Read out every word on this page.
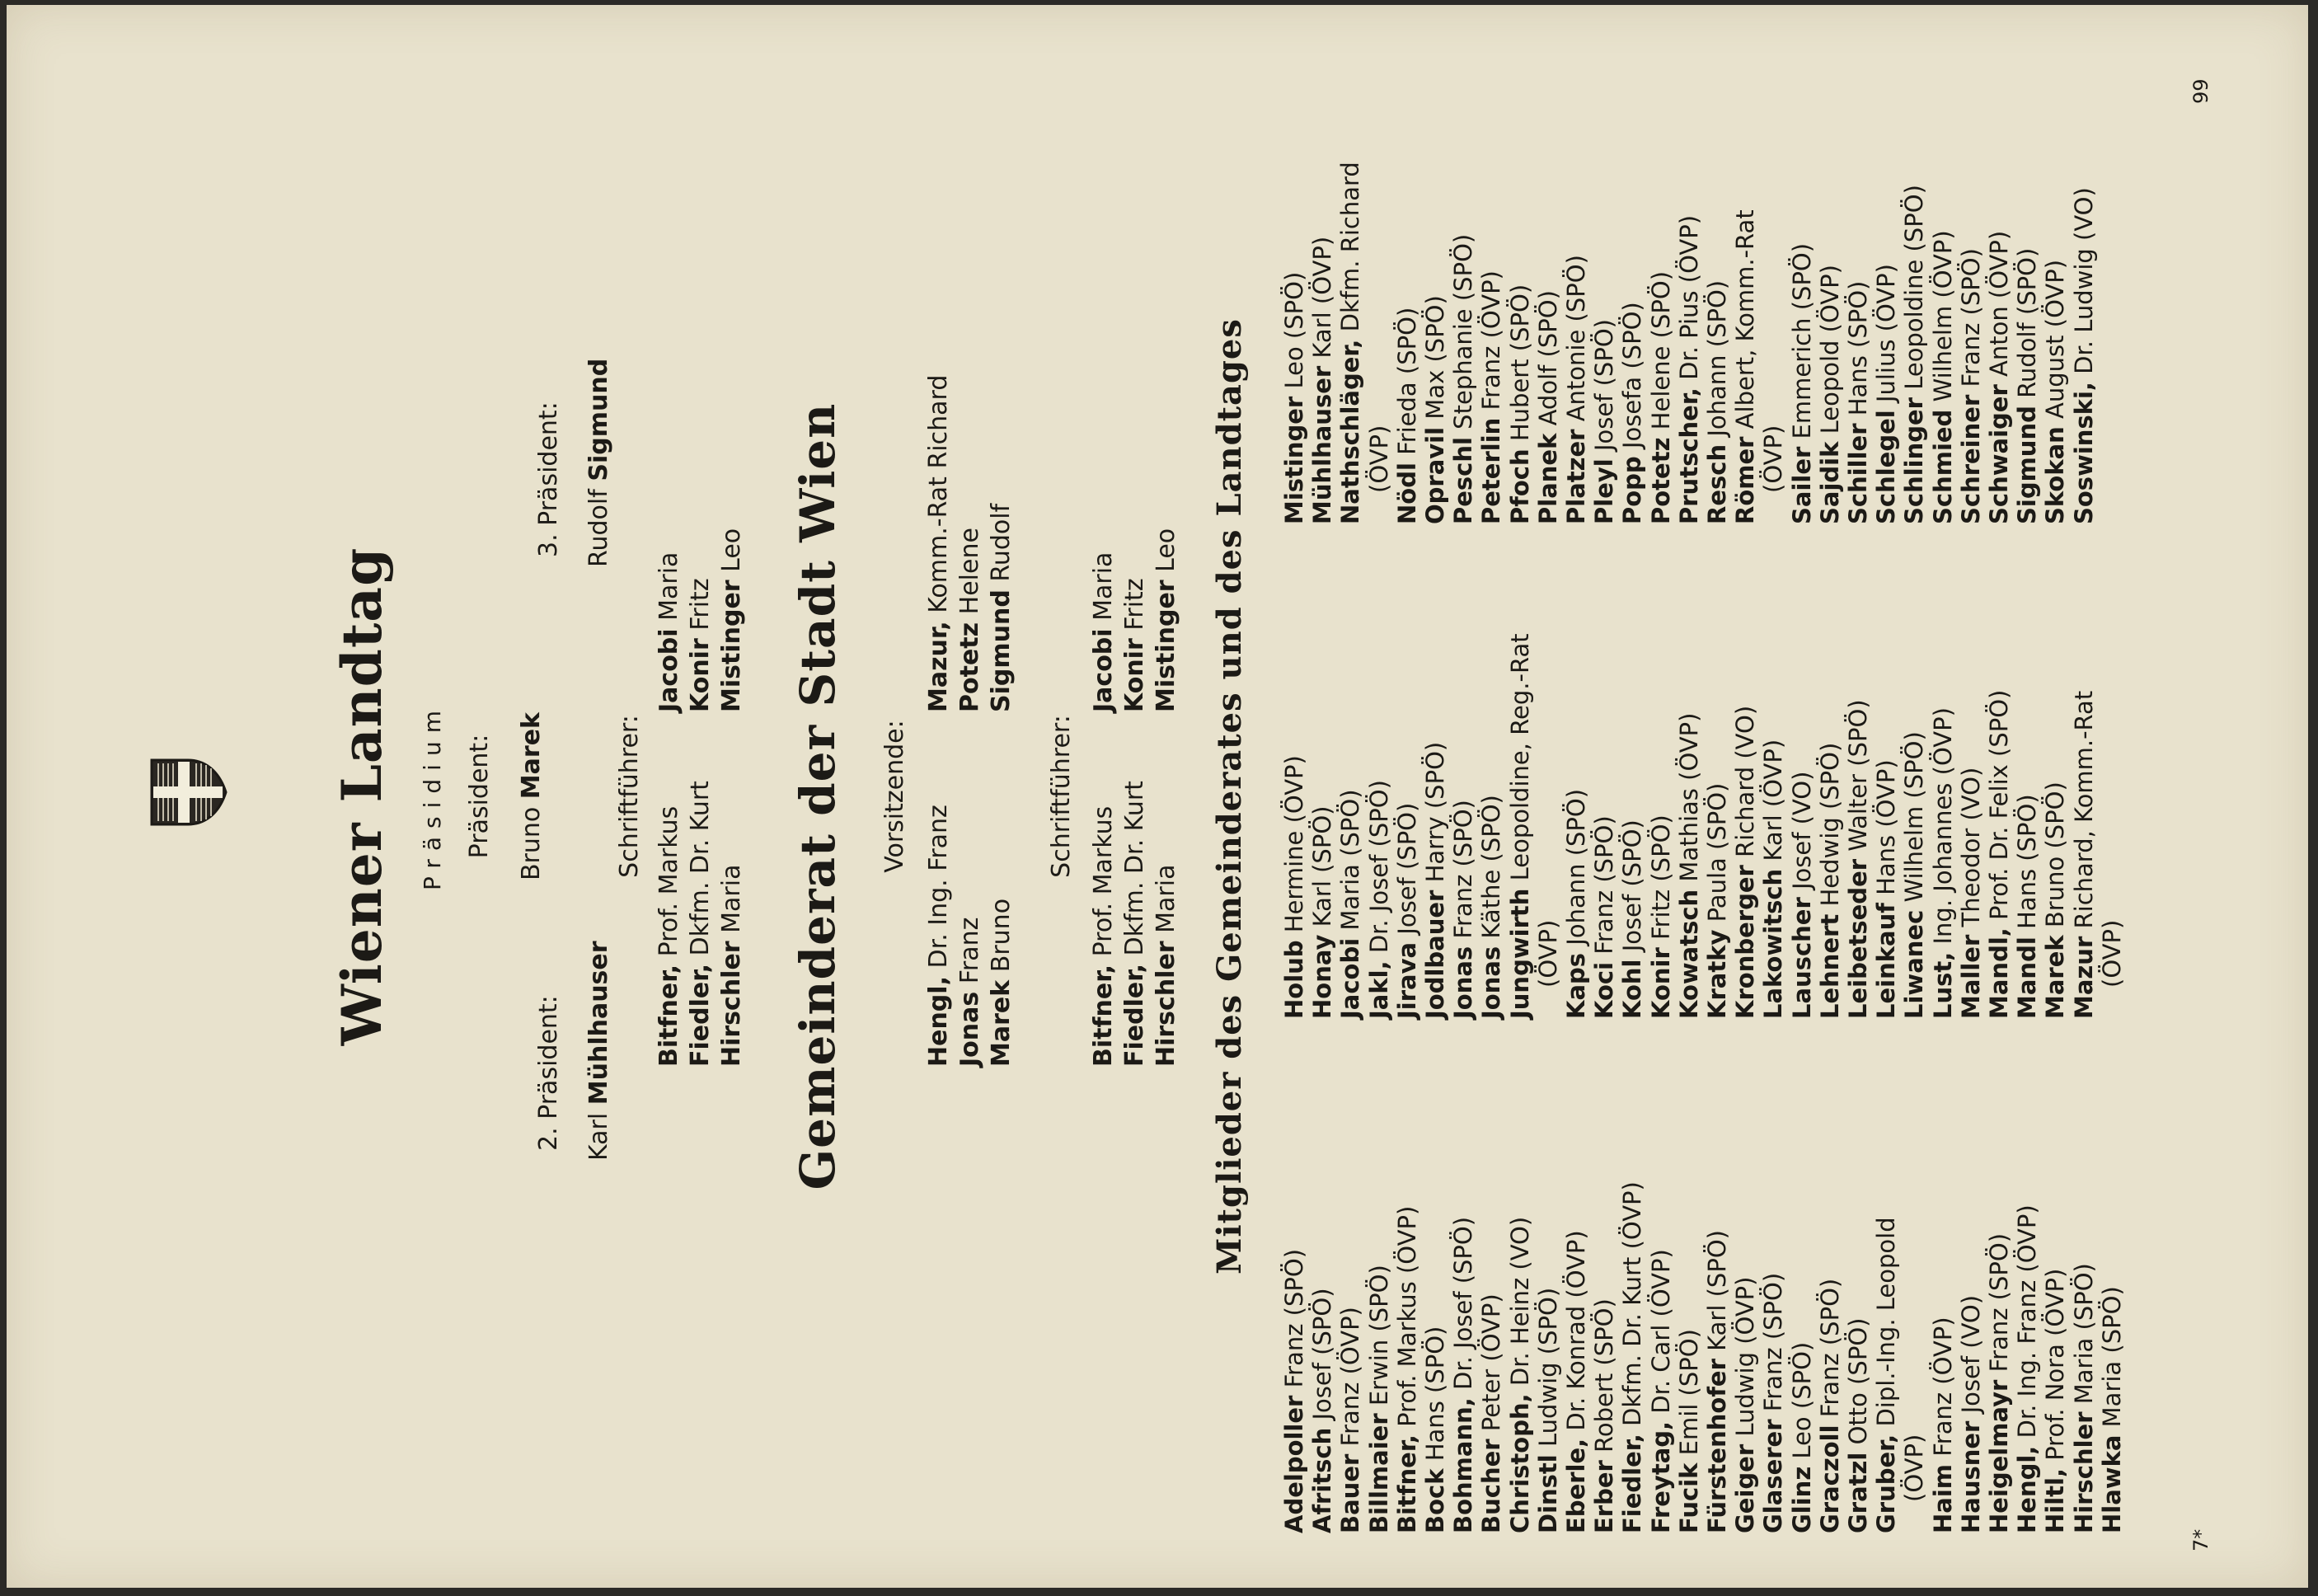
Wiener Landtag Präsidium Präsident: Bruno Marek
2. Präsident: Karl Mühlhauser
3. Präsident: Rudolf Sigmund
Schriftführer:
Bitfner, Prof. Markus
Fiedler, Dkfm. Dr. Kurt
Hirschler Maria
Jacobi Maria
Konir Fritz Mistinger Leo Gemeinderat der Stadt Wien Vorsitzende:
Hengl, Dr. Ing. Franz
Jonas Franz
Marek Bruno
Mazur, Komm.-Rat Richard
Potetz Helene
Sigmund Rudolf
Schriftführer:
Bitfner, Prof. Markus
Fiedler, Dkfm. Dr. Kurt
Hirschler Maria
Jacobi Maria
Konir Fritz Mistinger Leo Mitglieder des Gemeinderates und des Landtages
Adelpoller Franz (SPÖ)
Afritsch Josef (SPÖ)
Bauer Franz (ÖVP)
Billmaier Erwin (SPÖ)
Bitfner, Prof. Markus (ÖVP)
Bock Hans (SPÖ)
Bohmann, Dr. Josef (SPÖ)
Bucher Peter (ÖVP)
Christoph, Dr. Heinz (VO)
Dinstl Ludwig (SPÖ)
Eberle, Dr. Konrad (ÖVP)
Erber Robert (SPÖ)
Fiedler, Dkfm. Dr. Kurt (ÖVP)
Freytag, Dr. Carl (ÖVP)
Fucik Emil (SPÖ) Fürstenhofer Karl (SPÖ)
Geiger Ludwig (ÖVP)
Glaserer Franz (SPÖ)
Glinz Leo (SPÖ)
Graczoll Franz (SPÖ)
Gratzl Otto (SPÖ)
Gruber, Dipl.-Ing. Leopold
(ÖVP) Haim Franz (ÖVP)
Hausner Josef (VO)
Heigelmayr Franz (SPÖ)
Hengl, Dr. Ing. Franz (ÖVP)
Hiltl, Prof. Nora (ÖVP)
Hirschler Maria (SPÖ)
Hlawka Maria (SPÖ)
Holub Hermine (ÖVP)
Honay Karl (SPÖ)
Jacobi Maria (SPÖ)
Jakl, Dr. Josef (SPÖ)
Jirava Josef (SPÖ)
Jodlbauer Harry (SPÖ)
Jonas Franz (SPÖ)
Jonas Käthe (SPÖ)
Jungwirth Leopoldine, Reg.-Rat
(ÖVP) Kaps Johann (SPÖ)
Koci Franz (SPÖ)
Kohl Josef (SPÖ)
Konir Fritz (SPÖ)
Kowatsch Mathias (ÖVP)
Kratky Paula (SPÖ)
Kronberger Richard (VO)
Lakowitsch Karl (ÖVP)
Lauscher Josef (VO)
Lehnert Hedwig (SPÖ)
Leibetseder Walter (SPÖ)
Leinkauf Hans (ÖVP)
Liwanec Wilhelm (SPÖ)
Lust, Ing. Johannes (ÖVP)
Maller Theodor (VO)
Mandl, Prof. Dr. Felix (SPÖ)
Mandl Hans (SPÖ)
Marek Bruno (SPÖ)
Mazur Richard, Komm.-Rat
(ÖVP)
Mistinger Leo (SPÖ)
Mühlhauser Karl (ÖVP)
Nathschläger, Dkfm. Richard
(ÖVP)
Nödl Frieda (SPÖ)
Opravil Max (SPÖ)
Peschl Stephanie (SPÖ)
Peterlin Franz (ÖVP)
Pfoch Hubert (SPÖ)
Planek Adolf (SPÖ)
Platzer Antonie (SPÖ)
Pleyl Josef (SPÖ)
Popp Josefa (SPÖ)
Potetz Helene (SPÖ)
Prutscher, Dr. Pius (ÖVP)
Resch Johann (SPÖ)
Römer Albert, Komm.-Rat
(ÖVP) Sailer Emmerich (SPÖ)
Sajdik Leopold (ÖVP)
Schiller Hans (SPÖ)
Schlegel Julius (ÖVP)
Schlinger Leopoldine (SPÖ)
Schmied Wilhelm (ÖVP)
Schreiner Franz (SPÖ)
Schwaiger Anton (ÖVP)
Sigmund Rudolf (SPÖ)
Skokan August (ÖVP)
Soswinski, Dr. Ludwig (VO)
7*
99
